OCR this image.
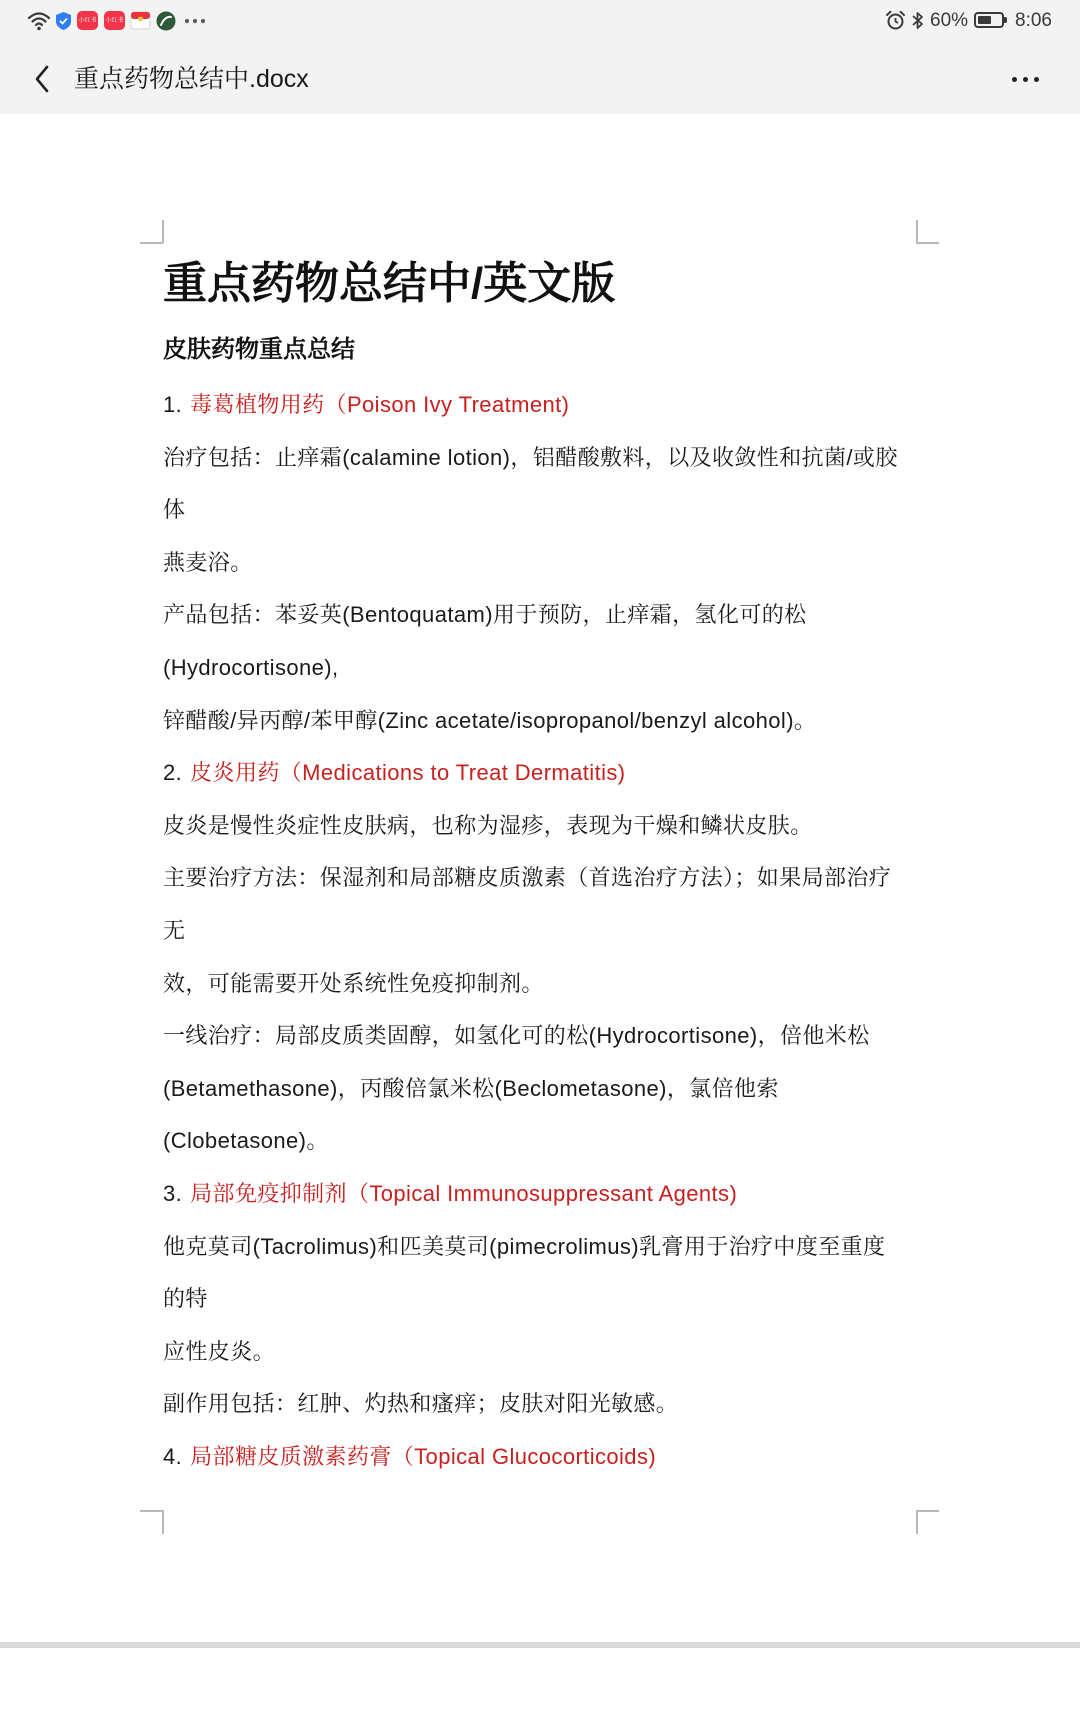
小红书 小红书	60% 8:06
重点药物总结中.docx
重点药物总结中/英文版
皮肤药物重点总结
1. 毒葛植物用药（Poison Ivy Treatment)
治疗包括：止痒霜(calamine lotion)，铝醋酸敷料，以及收敛性和抗菌/或胶
体
燕麦浴。
产品包括：苯妥英(Bentoquatam)用于预防，止痒霜，氢化可的松
(Hydrocortisone),
锌醋酸/异丙醇/苯甲醇(Zinc acetate/isopropanol/benzyl alcohol)。
2. 皮炎用药（Medications to Treat Dermatitis)
皮炎是慢性炎症性皮肤病，也称为湿疹，表现为干燥和鳞状皮肤。
主要治疗方法：保湿剂和局部糖皮质激素（首选治疗方法）；如果局部治疗
无
效，可能需要开处系统性免疫抑制剂。
一线治疗：局部皮质类固醇，如氢化可的松(Hydrocortisone)，倍他米松
(Betamethasone)，丙酸倍氯米松(Beclometasone)，氯倍他索
(Clobetasone)。
3. 局部免疫抑制剂（Topical Immunosuppressant Agents)
他克莫司(Tacrolimus)和匹美莫司(pimecrolimus)乳膏用于治疗中度至重度
的特
应性皮炎。
副作用包括：红肿、灼热和瘙痒；皮肤对阳光敏感。
4. 局部糖皮质激素药膏（Topical Glucocorticoids)
